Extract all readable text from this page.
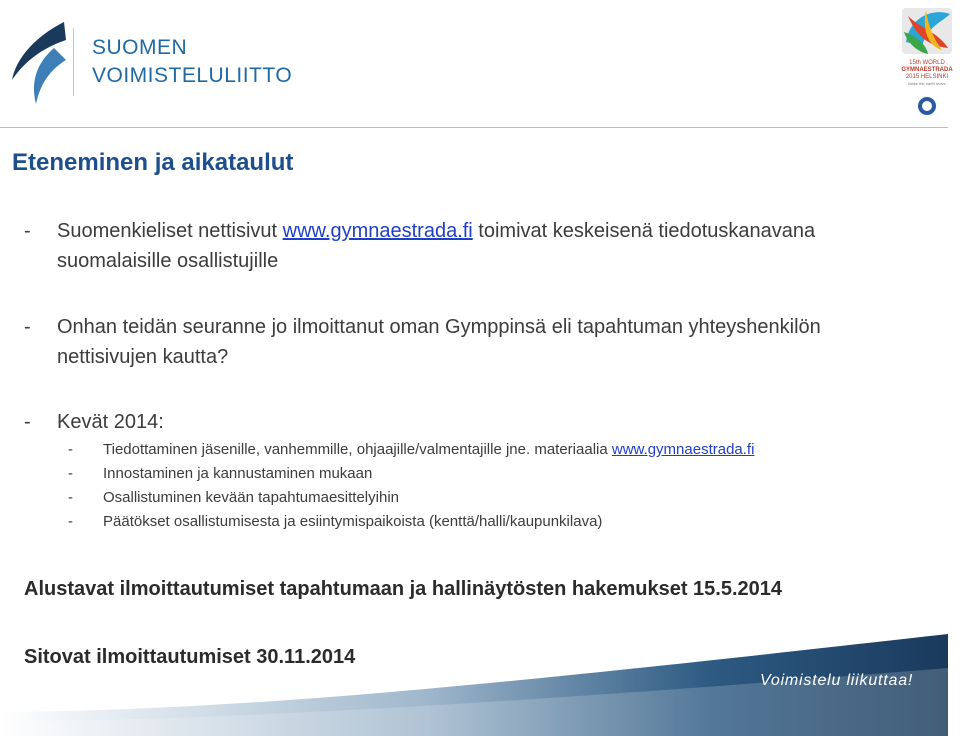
SUOMEN
VOIMISTELULIITTO
15th WORLD
GYMNAESTRADA
2015 HELSINKI
Make the earth move
Eteneminen ja aikataulut
- Suomenkieliset nettisivut www.gymnaestrada.fi toimivat keskeisenä tiedotuskanavana
suomalaisille osallistujille
- Onhan teidän seuranne jo ilmoittanut oman Gymppinsä eli tapahtuman yhteyshenkilön
nettisivujen kautta?
- Kevät 2014:
- Tiedottaminen jäsenille, vanhemmille, ohjaajille/valmentajille jne. materiaalia www.gymnaestrada.fi
- Innostaminen ja kannustaminen mukaan
- Osallistuminen kevään tapahtumaesittelyihin
- Päätökset osallistumisesta ja esiintymispaikoista (kenttä/halli/kaupunkilava)
Alustavat ilmoittautumiset tapahtumaan ja hallinäytösten hakemukset 15.5.2014
Sitovat ilmoittautumiset 30.11.2014
Voimistelu liikuttaa!
